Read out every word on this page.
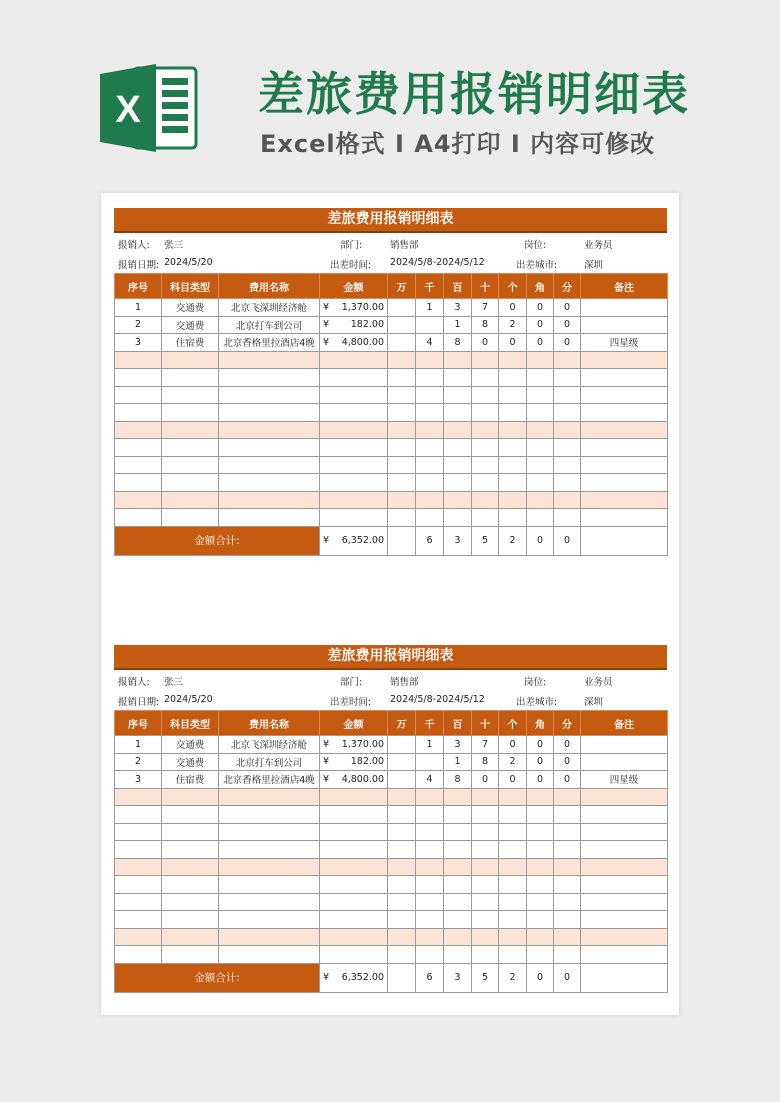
X	差旅费用报销明细表
Excel格式 I A4打印 I 内容可修改
差旅费用报销明细表
报销人: 张三	部门:	销售部	岗位:	业务员
报销日期: 2024/5/20	出差时间: 2024/5/8-2024/5/12	出差城市:	深圳
序号	科目类型	费用名称	金额	万	千	百	十	个	角	分	备注
1	交通费	北京飞深圳经济舱	¥ 1,370.00		1	3	7	0	0	0	
2	交通费	北京打车到公司	¥ 182.00			1	8	2	0	0	
3	住宿费	北京香格里拉酒店4晚	¥ 4,800.00		4	8	0	0	0	0	四星级

金额合计:			¥ 6,352.00		6	3	5	2	0	0	
差旅费用报销明细表
报销人: 张三	部门:	销售部	岗位:	业务员
报销日期: 2024/5/20	出差时间: 2024/5/8-2024/5/12	出差城市:	深圳
序号	科目类型	费用名称	金额	万	千	百	十	个	角	分	备注
1	交通费	北京飞深圳经济舱	¥ 1,370.00		1	3	7	0	0	0	
2	交通费	北京打车到公司	¥ 182.00			1	8	2	0	0	
3	住宿费	北京香格里拉酒店4晚	¥ 4,800.00		4	8	0	0	0	0	四星级

金额合计:			¥ 6,352.00		6	3	5	2	0	0	
